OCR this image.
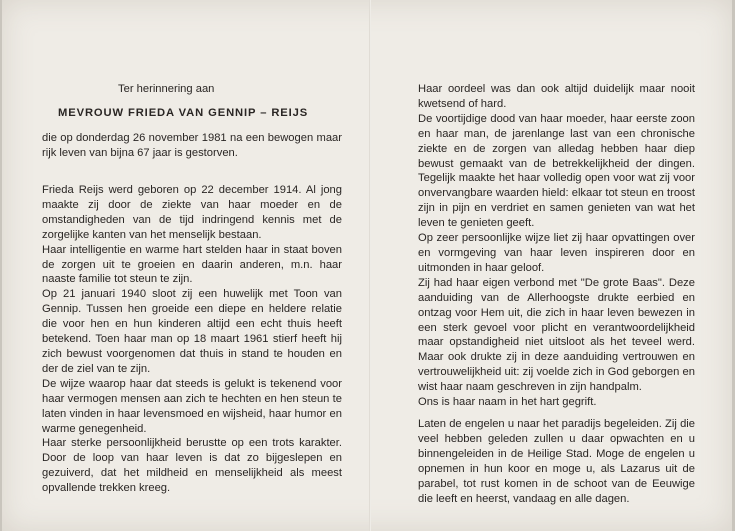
Ter herinnering aan
MEVROUW FRIEDA VAN GENNIP – REIJS

die op donderdag 26 november 1981 na een bewogen maar rijk leven van bijna 67 jaar is gestorven.

Frieda Reijs werd geboren op 22 december 1914. Al jong maakte zij door de ziekte van haar moeder en de omstandigheden van de tijd indringend kennis met de zorgelijke kanten van het menselijk bestaan.

Haar intelligentie en warme hart stelden haar in staat boven de zorgen uit te groeien en daarin anderen, m.n. haar naaste familie tot steun te zijn.

Op 21 januari 1940 sloot zij een huwelijk met Toon van Gennip. Tussen hen groeide een diepe en heldere relatie die voor hen en hun kinderen altijd een echt thuis heeft betekend. Toen haar man op 18 maart 1961 stierf heeft hij zich bewust voorgenomen dat thuis in stand te houden en der de ziel van te zijn.

De wijze waarop haar dat steeds is gelukt is tekenend voor haar vermogen mensen aan zich te hechten en hen steun te laten vinden in haar levensmoed en wijsheid, haar humor en warme genegenheid.

Haar sterke persoonlijkheid berustte op een trots karakter. Door de loop van haar leven is dat zo bijgeslepen en gezuiverd, dat het mildheid en menselijkheid als meest opvallende trekken kreeg.

Haar oordeel was dan ook altijd duidelijk maar nooit kwetsend of hard.

De voortijdige dood van haar moeder, haar eerste zoon en haar man, de jarenlange last van een chronische ziekte en de zorgen van alledag hebben haar diep bewust gemaakt van de betrekkelijkheid der dingen. Tegelijk maakte het haar volledig open voor wat zij voor onvervangbare waarden hield: elkaar tot steun en troost zijn in pijn en verdriet en samen genieten van wat het leven te genieten geeft.

Op zeer persoonlijke wijze liet zij haar opvattingen over en vormgeving van haar leven inspireren door en uitmonden in haar geloof.

Zij had haar eigen verbond met "De grote Baas". Deze aanduiding van de Allerhoogste drukte eerbied en ontzag voor Hem uit, die zich in haar leven bewezen in een sterk gevoel voor plicht en verantwoordelijkheid maar opstandigheid niet uitsloot als het teveel werd. Maar ook drukte zij in deze aanduiding vertrouwen en vertrouwelijkheid uit: zij voelde zich in God geborgen en wist haar naam geschreven in zijn handpalm.

Ons is haar naam in het hart gegrift.

Laten de engelen u naar het paradijs begeleiden. Zij die veel hebben geleden zullen u daar opwachten en u binnengeleiden in de Heilige Stad. Moge de engelen u opnemen in hun koor en moge u, als Lazarus uit de parabel, tot rust komen in de schoot van de Eeuwige die leeft en heerst, vandaag en alle dagen.
